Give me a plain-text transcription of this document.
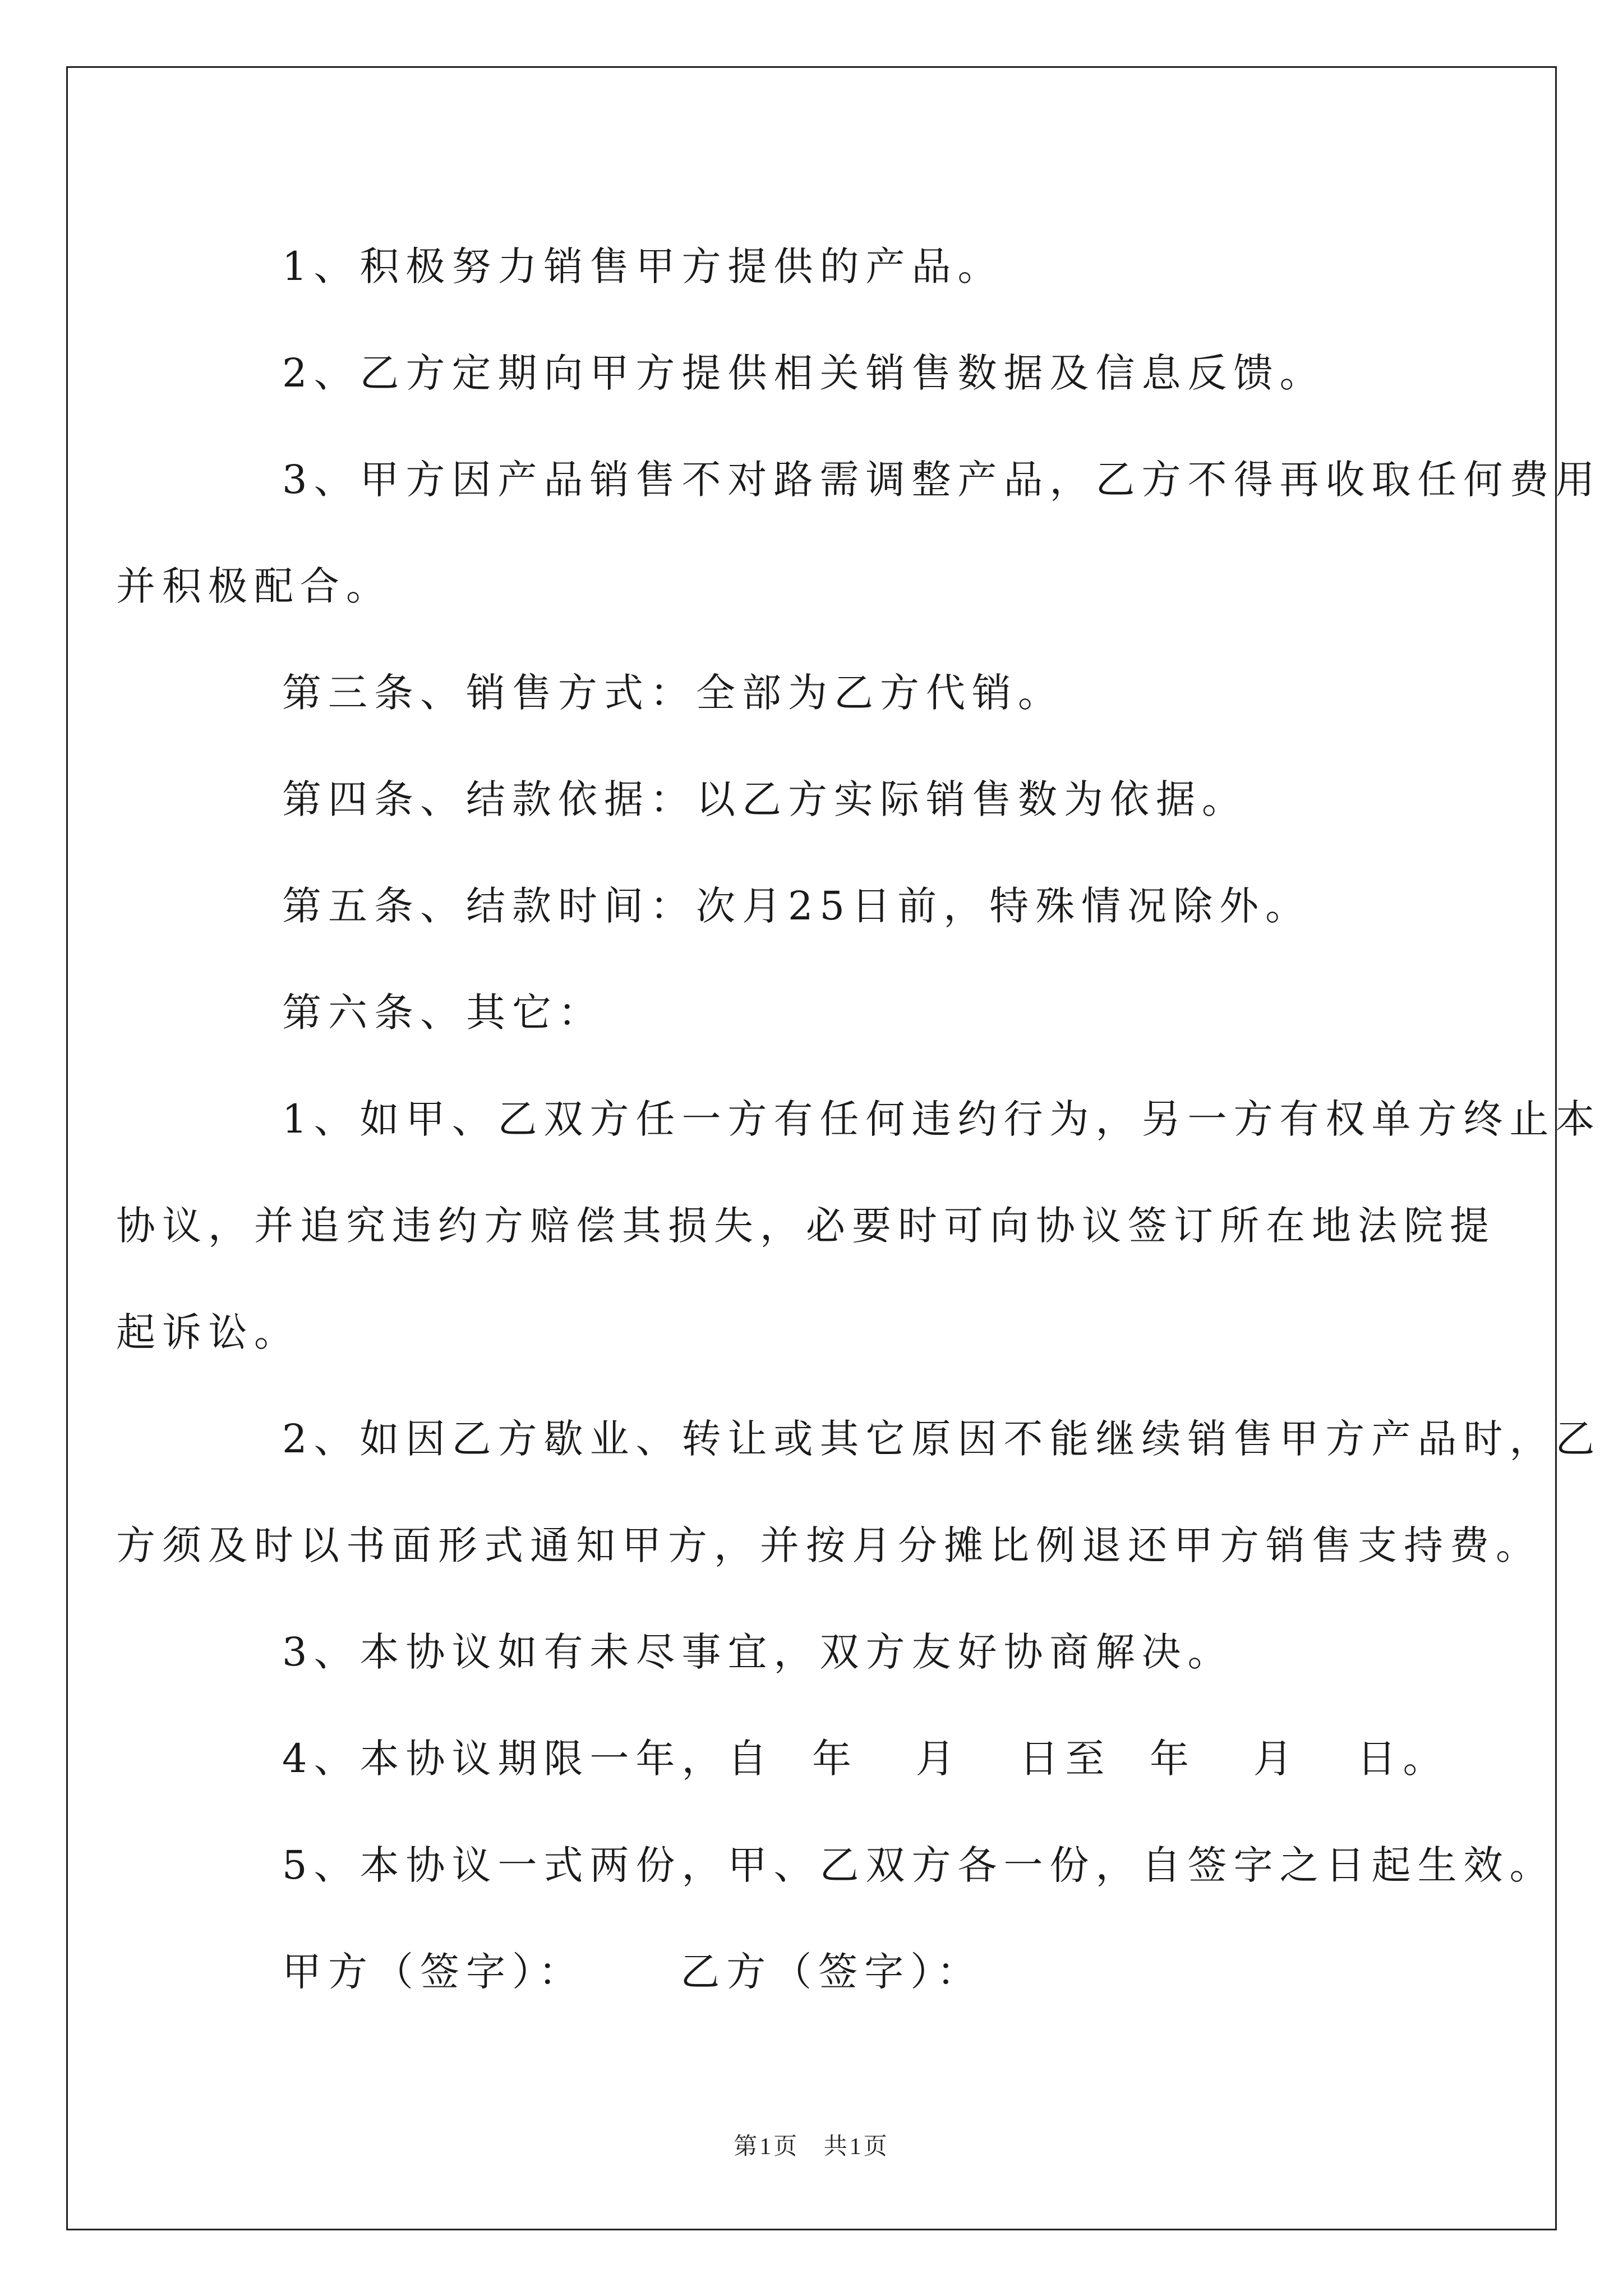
1、积极努力销售甲方提供的产品。

2、乙方定期向甲方提供相关销售数据及信息反馈。

3、甲方因产品销售不对路需调整产品，乙方不得再收取任何费用
并积极配合。

第三条、销售方式：全部为乙方代销。

第四条、结款依据：以乙方实际销售数为依据。

第五条、结款时间：次月25日前，特殊情况除外。

第六条、其它：

1、如甲、乙双方任一方有任何违约行为，另一方有权单方终止本
协议，并追究违约方赔偿其损失，必要时可向协议签订所在地法院提
起诉讼。

2、如因乙方歇业、转让或其它原因不能继续销售甲方产品时，乙
方须及时以书面形式通知甲方，并按月分摊比例退还甲方销售支持费。

3、本协议如有未尽事宜，双方友好协商解决。

4、本协议期限一年，自  年   月   日至  年   月   日。

5、本协议一式两份，甲、乙双方各一份，自签字之日起生效。

甲方（签字）：     乙方（签字）：

第1页   共1页
